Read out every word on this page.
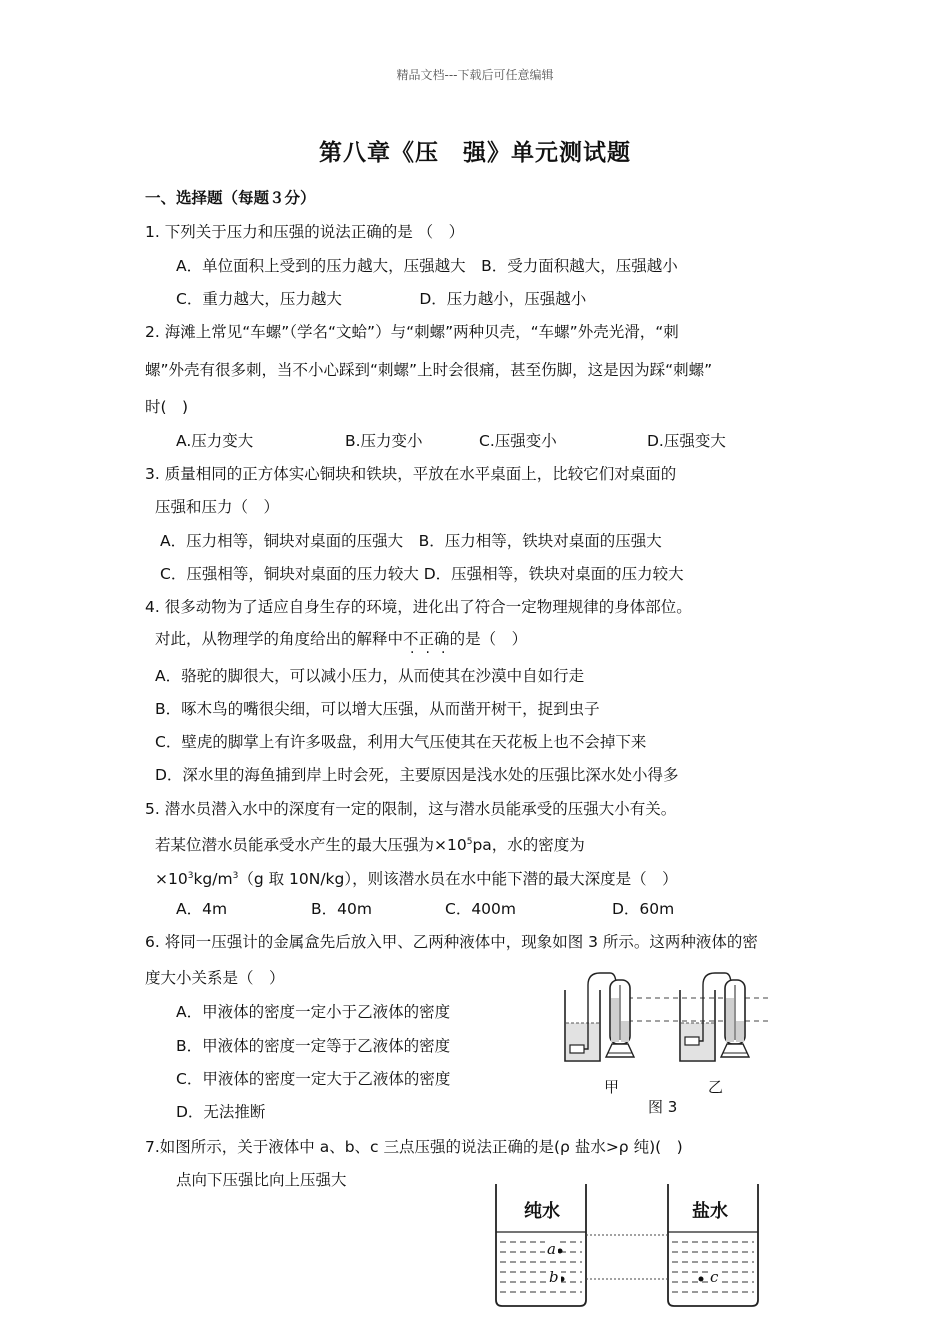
精品文档---下载后可任意编辑
第八章《压　强》单元测试题
一、选择题（每题３分）
1. 下列关于压力和压强的说法正确的是 （　）
A．单位面积上受到的压力越大，压强越大　B．受力面积越大，压强越小
C．重力越大，压力越大　　　　　D．压力越小，压强越小
2. 海滩上常见“车螺”（学名“文蛤”）与“刺螺”两种贝壳，“车螺”外壳光滑，“刺
螺”外壳有很多刺，当不小心踩到“刺螺”上时会很痛，甚至伤脚，这是因为踩“刺螺”
时(　)
A.压力变大	B.压力变小	C.压强变小	D.压强变大
3. 质量相同的正方体实心铜块和铁块，平放在水平桌面上，比较它们对桌面的
压强和压力（　）
A．压力相等，铜块对桌面的压强大　B．压力相等，铁块对桌面的压强大
C．压强相等，铜块对桌面的压力较大 D．压强相等，铁块对桌面的压力较大
4. 很多动物为了适应自身生存的环境，进化出了符合一定物理规律的身体部位。
对此，从物理学的角度给出的解释中不正确的是（　）
A．骆驼的脚很大，可以减小压力，从而使其在沙漠中自如行走
B．啄木鸟的嘴很尖细，可以增大压强，从而凿开树干，捉到虫子
C．壁虎的脚掌上有许多吸盘，利用大气压使其在天花板上也不会掉下来
D．深水里的海鱼捕到岸上时会死，主要原因是浅水处的压强比深水处小得多
5. 潜水员潜入水中的深度有一定的限制，这与潜水员能承受的压强大小有关。
若某位潜水员能承受水产生的最大压强为$\times 10^5pa$，水的密度为
$\times 10^3kg/m^3(g$ 取 10N/kg），则该潜水员在水中能下潜的最大深度是（　）
A．4m	B．40m	C．400m	D．60m
6. 将同一压强计的金属盒先后放入甲、乙两种液体中，现象如图 3 所示。这两种液体的密
度大小关系是（　）
A．甲液体的密度一定小于乙液体的密度
B．甲液体的密度一定等于乙液体的密度
C．甲液体的密度一定大于乙液体的密度
D．无法推断
甲	乙
图 3
7.如图所示，关于液体中 a、b、c 三点压强的说法正确的是(ρ 盐水>ρ 纯)(　)
点向下压强比向上压强大
纯水	盐水
a
b	c
